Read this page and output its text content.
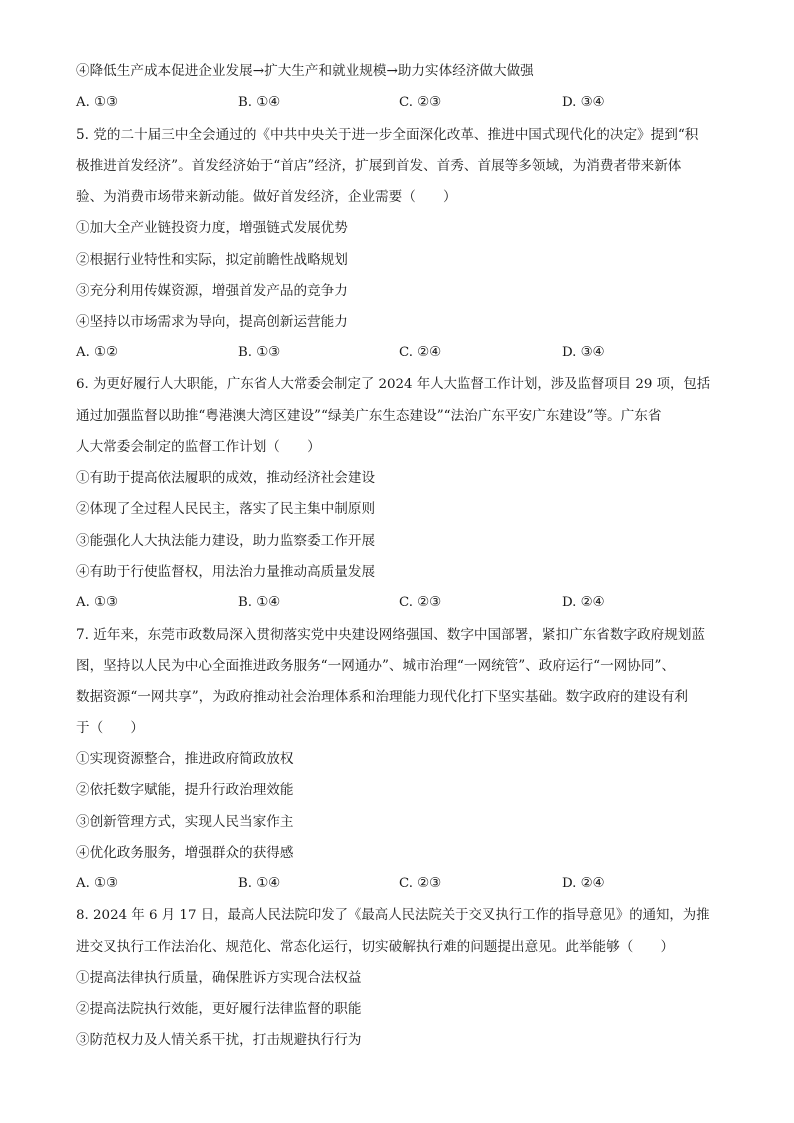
④降低生产成本促进企业发展→扩大生产和就业规模→助力实体经济做大做强
A. ①③	B. ①④	C. ②③	D. ③④
5. 党的二十届三中全会通过的《中共中央关于进一步全面深化改革、推进中国式现代化的决定》提到“积
极推进首发经济”。首发经济始于“首店”经济，扩展到首发、首秀、首展等多领域，为消费者带来新体
验、为消费市场带来新动能。做好首发经济，企业需要（　　）
①加大全产业链投资力度，增强链式发展优势
②根据行业特性和实际，拟定前瞻性战略规划
③充分利用传媒资源，增强首发产品的竞争力
④坚持以市场需求为导向，提高创新运营能力
A. ①②	B. ①③	C. ②④	D. ③④
6. 为更好履行人大职能，广东省人大常委会制定了 2024 年人大监督工作计划，涉及监督项目 29 项，包括
通过加强监督以助推“粤港澳大湾区建设”“绿美广东生态建设”“法治广东平安广东建设”等。广东省
人大常委会制定的监督工作计划（　　）
①有助于提高依法履职的成效，推动经济社会建设
②体现了全过程人民民主，落实了民主集中制原则
③能强化人大执法能力建设，助力监察委工作开展
④有助于行使监督权，用法治力量推动高质量发展
A. ①③	B. ①④	C. ②③	D. ②④
7. 近年来，东莞市政数局深入贯彻落实党中央建设网络强国、数字中国部署，紧扣广东省数字政府规划蓝
图，坚持以人民为中心全面推进政务服务“一网通办”、城市治理“一网统管”、政府运行“一网协同”、
数据资源“一网共享”，为政府推动社会治理体系和治理能力现代化打下坚实基础。数字政府的建设有利
于（　　）
①实现资源整合，推进政府简政放权
②依托数字赋能，提升行政治理效能
③创新管理方式，实现人民当家作主
④优化政务服务，增强群众的获得感
A. ①③	B. ①④	C. ②③	D. ②④
8. 2024 年 6 月 17 日，最高人民法院印发了《最高人民法院关于交叉执行工作的指导意见》的通知，为推
进交叉执行工作法治化、规范化、常态化运行，切实破解执行难的问题提出意见。此举能够（　　）
①提高法律执行质量，确保胜诉方实现合法权益
②提高法院执行效能，更好履行法律监督的职能
③防范权力及人情关系干扰，打击规避执行行为
